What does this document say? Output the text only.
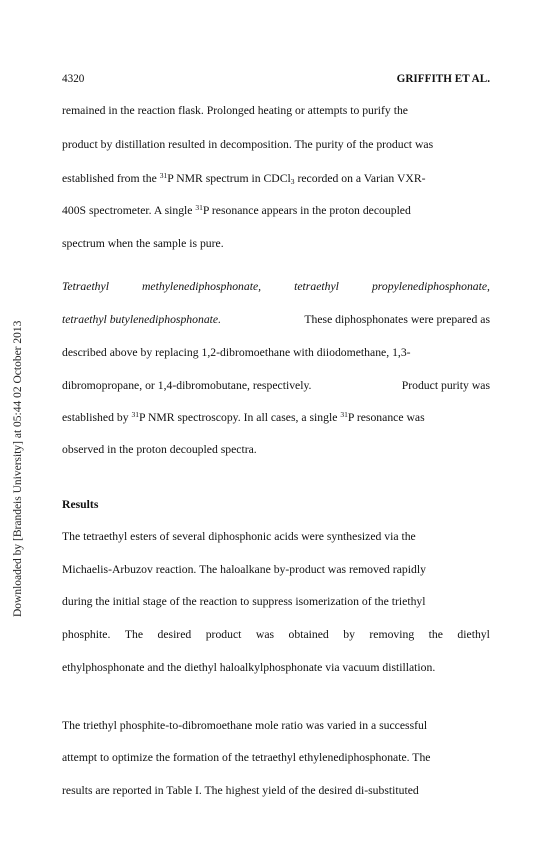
4320	GRIFFITH ET AL.
Downloaded by [Brandeis University] at 05:44 02 October 2013
remained in the reaction flask. Prolonged heating or attempts to purify the
product by distillation resulted in decomposition. The purity of the product was
established from the $^{31}$P NMR spectrum in CDCl$_3$ recorded on a Varian VXR-
400S spectrometer. A single $^{31}$P resonance appears in the proton decoupled
spectrum when the sample is pure.
Tetraethyl	methylenediphosphonate,	tetraethyl	propylenediphosphonate,
tetraethyl butylenediphosphonate.	These diphosphonates were prepared as
described above by replacing 1,2-dibromoethane with diiodomethane, 1,3-
dibromopropane, or 1,4-dibromobutane, respectively.	Product purity was
established by $^{31}$P NMR spectroscopy. In all cases, a single $^{31}$P resonance was
observed in the proton decoupled spectra.
Results
The tetraethyl esters of several diphosphonic acids were synthesized via the
Michaelis-Arbuzov reaction. The haloalkane by-product was removed rapidly
during the initial stage of the reaction to suppress isomerization of the triethyl
phosphite. The desired product was obtained by removing the diethyl
ethylphosphonate and the diethyl haloalkylphosphonate via vacuum distillation.
The triethyl phosphite-to-dibromoethane mole ratio was varied in a successful
attempt to optimize the formation of the tetraethyl ethylenediphosphonate. The
results are reported in Table I. The highest yield of the desired di-substituted
